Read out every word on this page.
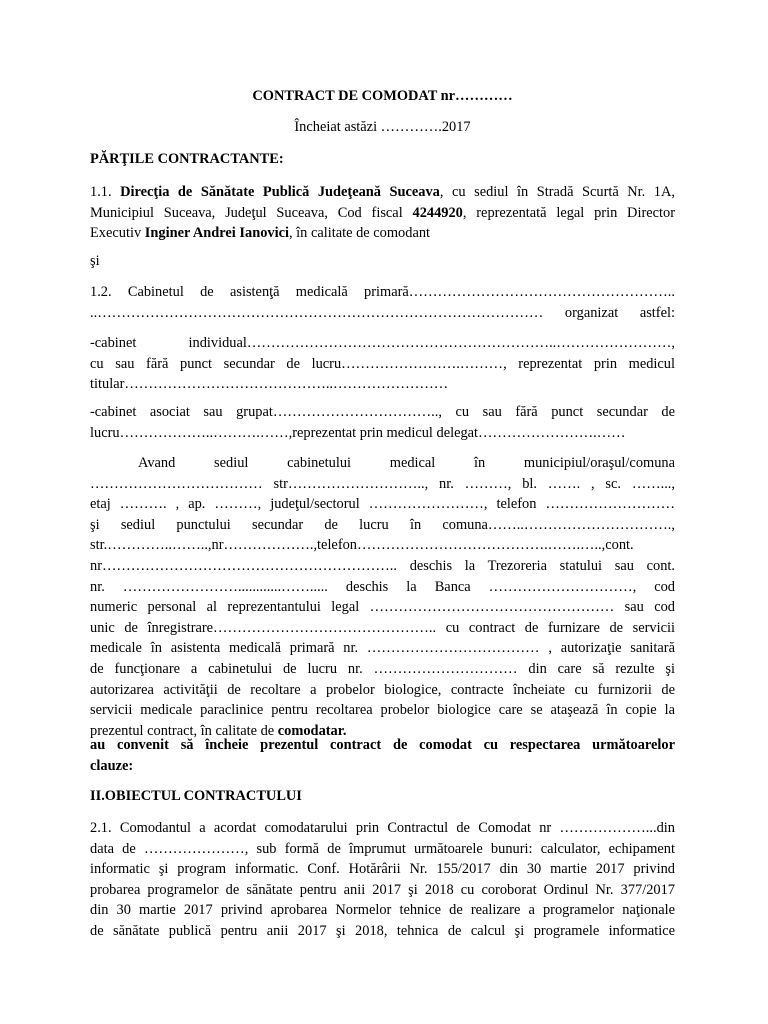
CONTRACT DE COMODAT nr…………

Încheiat astăzi ………….2017

PĂRŢILE CONTRACTANTE:

1.1. Direcţia de Sănătate Publică Judeţeană Suceava, cu sediul în Stradă Scurtă Nr. 1A,
Municipiul Suceava, Judeţul Suceava, Cod fiscal 4244920, reprezentată legal prin Director
Executiv Inginer Andrei Ianovici, în calitate de comodant

şi

1.2. Cabinetul de asistenţă medicală primară………………………………………………..
..………………………………………………………………………………… organizat astfel:
-cabinet individual………………………………………………………..……………………,
cu sau fără punct secundar de lucru…………………….………, reprezentat prin medicul
titular……………………………………..……………………
-cabinet asociat sau grupat…………………………….., cu sau fără punct secundar de
lucru………………..……….……,reprezentat prin medicul delegat…………………….……
Avand sediul cabinetului medical în municipiul/oraşul/comuna
……………………………… str……………………….., nr. ………, bl. ……. , sc. ……...,
etaj ………. , ap. ………, judeţul/sectorul ……………………, telefon ………………………
şi sediul punctului secundar de lucru în comuna……..………………………….,
str.…………..……..,nr……………….,telefon………………………………….…….…..,cont.
nr…………………………………………………….. deschis la Trezoreria statului sau cont.
nr. ……………………............……..... deschis la Banca …………………………, cod
numeric personal al reprezentantului legal …………………………………………… sau cod
unic de înregistrare……………………………………….. cu contract de furnizare de servicii
medicale în asistenta medicală primară nr. ……………………………… , autorizaţie sanitară
de funcţionare a cabinetului de lucru nr. ………………………… din care să rezulte şi
autorizarea activităţii de recoltare a probelor biologice, contracte încheiate cu furnizorii de
servicii medicale paraclinice pentru recoltarea probelor biologice care se ataşează în copie la
prezentul contract, în calitate de comodatar.
au convenit să încheie prezentul contract de comodat cu respectarea următoarelor
clauze:

II.OBIECTUL CONTRACTULUI

2.1. Comodantul a acordat comodatarului prin Contractul de Comodat nr ………………...din
data de …………………, sub formă de împrumut următoarele bunuri: calculator, echipament
informatic şi program informatic. Conf. Hotărârii Nr. 155/2017 din 30 martie 2017 privind
probarea programelor de sănătate pentru anii 2017 şi 2018 cu coroborat Ordinul Nr. 377/2017
din 30 martie 2017 privind aprobarea Normelor tehnice de realizare a programelor naţionale
de sănătate publică pentru anii 2017 şi 2018, tehnica de calcul şi programele informatice
